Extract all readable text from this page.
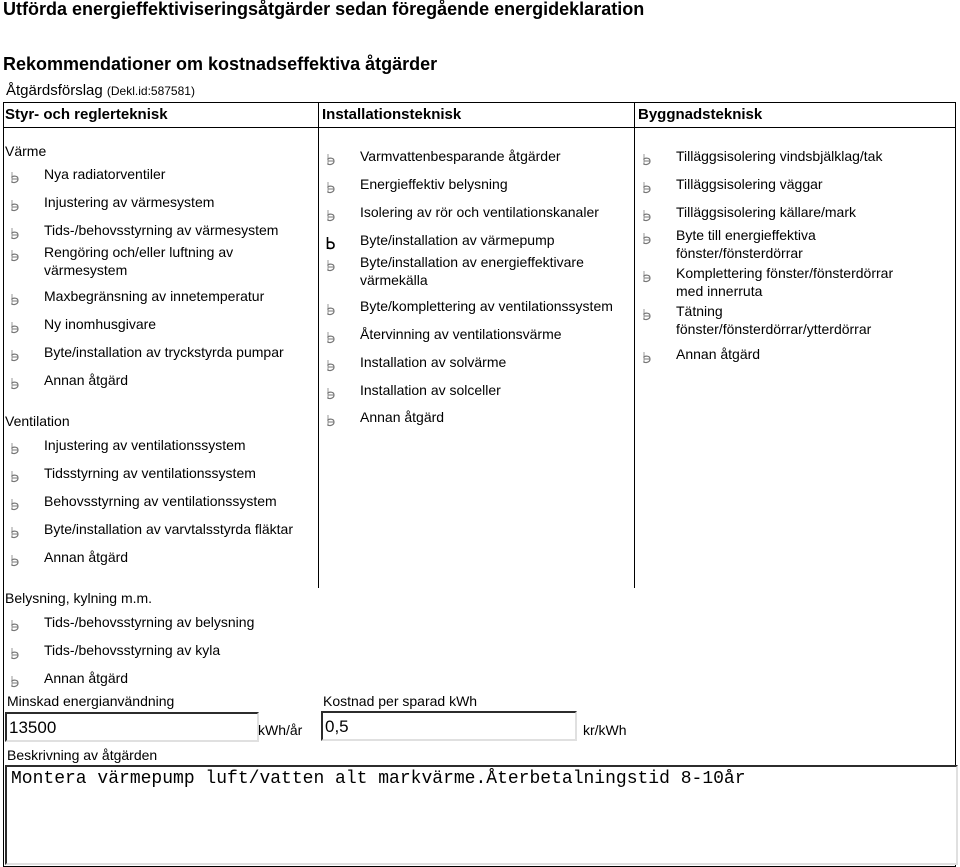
Utförda energieffektiviseringsåtgärder sedan föregående energideklaration
Rekommendationer om kostnadseffektiva åtgärder
Åtgärdsförslag (Dekl.id:587581)
Styr- och reglerteknisk	Installationsteknisk	Byggnadsteknisk
Värme
Ventilation
Belysning, kylning m.m.
Nya radiatorventiler
Injustering av värmesystem
Tids-/behovsstyrning av värmesystem
Rengöring och/eller luftning av värmesystem
Maxbegränsning av innetemperatur
Ny inomhusgivare
Byte/installation av tryckstyrda pumpar
Annan åtgärd
Injustering av ventilationssystem
Tidsstyrning av ventilationssystem
Behovsstyrning av ventilationssystem
Byte/installation av varvtalsstyrda fläktar
Annan åtgärd
Tids-/behovsstyrning av belysning
Tids-/behovsstyrning av kyla
Annan åtgärd
Varmvattenbesparande åtgärder
Energieffektiv belysning
Isolering av rör och ventilationskanaler
Byte/installation av värmepump
Byte/installation av energieffektivare värmekälla
Byte/komplettering av ventilationssystem
Återvinning av ventilationsvärme
Installation av solvärme
Installation av solceller
Annan åtgärd
Tilläggsisolering vindsbjälklag/tak
Tilläggsisolering väggar
Tilläggsisolering källare/mark
Byte till energieffektiva fönster/fönsterdörrar
Komplettering fönster/fönsterdörrar med innerruta
Tätning fönster/fönsterdörrar/ytterdörrar
Annan åtgärd
Minskad energianvändning
13500	kWh/år
Kostnad per sparad kWh
0,5	kr/kWh
Beskrivning av åtgärden
Montera värmepump luft/vatten alt markvärme.Återbetalningstid 8-10år
